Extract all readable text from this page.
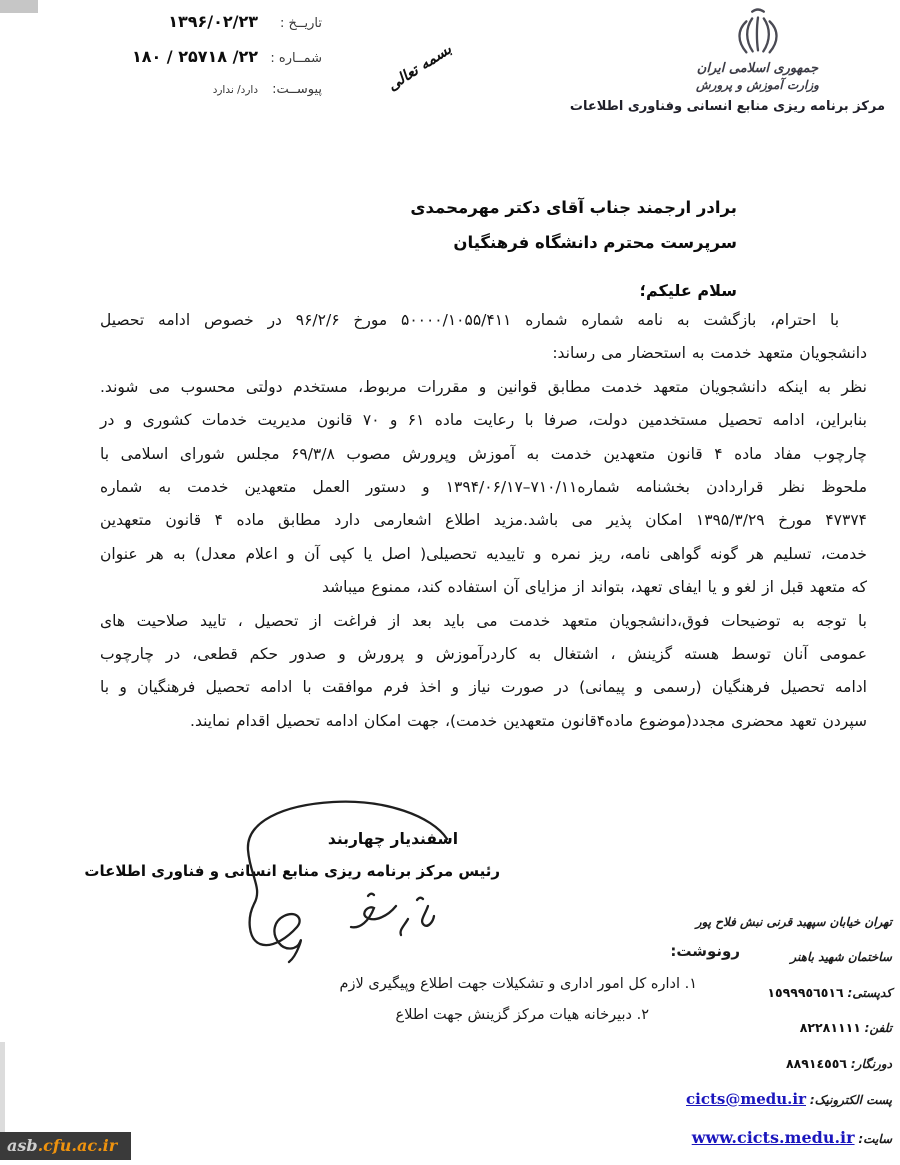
تاریــخ :
۱۳۹۶/۰۲/۲۳
شمــاره :
۲۲/ ۲۵۷۱۸ / ۱۸۰
پیوســت:
دارد/ ندارد	بسمه تعالی	جمهوری اسلامی ایران
وزارت آموزش و پرورش
مرکز برنامه ریزی منابع انسانی وفناوری اطلاعات
برادر ارجمند جناب آقای دکتر مهرمحمدی
سرپرست محترم دانشگاه فرهنگیان
سلام علیکم؛
با احترام، بازگشت به نامه شماره شماره ۵۰۰۰۰/۱۰۵۵/۴۱۱ مورخ ۹۶/۲/۶ در خصوص ادامه تحصیل
دانشجویان متعهد خدمت به استحضار می رساند:
نظر به اینکه دانشجویان متعهد خدمت مطابق قوانین و مقررات مربوط، مستخدم دولتی محسوب می شوند.
بنابراین، ادامه تحصیل مستخدمین دولت، صرفا با رعایت ماده ۶۱ و ۷۰ قانون مدیریت خدمات کشوری و در
چارچوب مفاد ماده ۴ قانون متعهدین خدمت به آموزش وپرورش مصوب ۶۹/۳/۸ مجلس شورای اسلامی با
ملحوظ نظر قراردادن بخشنامه شماره۷۱۰/۱۱–۱۳۹۴/۰۶/۱۷ و دستور العمل متعهدین خدمت به شماره
۴۷۳۷۴ مورخ ۱۳۹۵/۳/۲۹ امکان پذیر می باشد.مزید اطلاع اشعارمی دارد مطابق ماده ۴ قانون متعهدین
خدمت، تسلیم هر گونه گواهی نامه، ریز نمره و تاییدیه تحصیلی( اصل یا کپی آن و اعلام معدل) به هر عنوان
که متعهد قبل از لغو و یا ایفای تعهد، بتواند از مزایای آن استفاده کند، ممنوع میباشد
با توجه به توضیحات فوق،دانشجویان متعهد خدمت می باید بعد از فراغت از تحصیل ، تایید صلاحیت های
عمومی آنان توسط هسته گزینش ، اشتغال به کاردرآموزش و پرورش و صدور حکم قطعی، در چارچوب
ادامه تحصیل فرهنگیان (رسمی و پیمانی) در صورت نیاز و اخذ فرم موافقت با ادامه تحصیل فرهنگیان و با
سپردن تعهد محضری مجدد(موضوع ماده۴قانون متعهدین خدمت)، جهت امکان ادامه تحصیل اقدام نمایند.
اسفندیار چهاربند
رئیس مرکز برنامه ریزی منابع انسانی و فناوری اطلاعات
رونوشت:
۱. اداره کل امور اداری و تشکیلات جهت اطلاع وپیگیری لازم
۲. دبیرخانه هیات مرکز گزینش جهت اطلاع
تهران خیابان سپهبد قرنی نبش فلاح پور
ساختمان شهید باهنر
کدپستی: ١٥٩٩٩٥٦٥١٦
تلفن: ٨٢٢٨١١١١
دورنگار: ٨٨٩١٤٥٥٦
پست الکترونیک: cicts@medu.ir
سایت: www.cicts.medu.ir
asb.cfu.ac.ir
